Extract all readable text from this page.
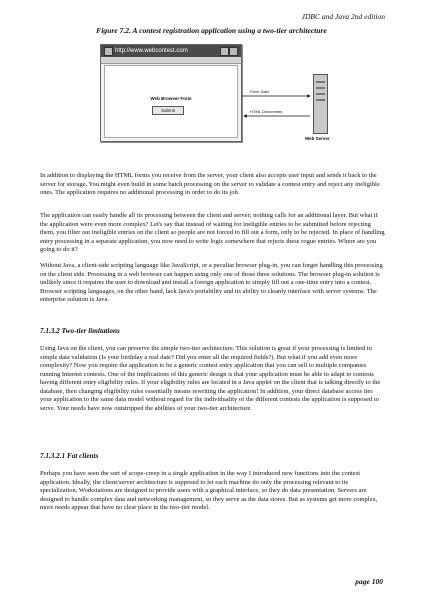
JDBC and Java 2nd edition
Figure 7.2. A contest registration application using a two-tier architecture
http://www.webcontest.com
Web Browser Form
Submit
Form Data
HTML Documents
Web Server

In addition to displaying the HTML forms you receive from the server, your client also accepts user input and sends it back to the server for storage. You might even build in some batch processing on the server to validate a contest entry and reject any ineligible ones. The application requires no additional processing in order to do its job.

The application can easily handle all its processing between the client and server; nothing calls for an additional layer. But what if the application were even more complex? Let's say that instead of waiting for ineligible entries to be submitted before rejecting them, you filter out ineligible entries on the client so people are not forced to fill out a form, only to be rejected. In place of handling entry processing in a separate application, you now need to write logic somewhere that rejects these rogue entries. Where are you going to do it?

Without Java, a client-side scripting language like JavaScript, or a peculiar browser plug-in, you can forget handling this processing on the client side. Processing in a web browser can happen using only one of those three solutions. The browser plug-in solution is unlikely since it requires the user to download and install a foreign application to simply fill out a one-time entry into a contest. Browser scripting languages, on the other hand, lack Java's portability and its ability to cleanly interface with server systems. The enterprise solution is Java.

7.1.3.2 Two-tier limitations

Using Java on the client, you can preserve the simple two-tier architecture. This solution is great if your processing is limited to simple data validation (Is your birthday a real date? Did you enter all the required fields?). But what if you add even more complexity? Now you require the application to be a generic contest entry application that you can sell to multiple companies running Internet contests. One of the implications of this generic design is that your application must be able to adapt to contests having different entry eligibility rules. If your eligibility rules are located in a Java applet on the client that is talking directly to the database, then changing eligibility rules essentially means rewriting the application! In addition, your direct database access ties your application to the same data model without regard for the individuality of the different contests the application is supposed to serve. Your needs have now outstripped the abilities of your two-tier architecture.

7.1.3.2.1 Fat clients

Perhaps you have seen the sort of scope-creep in a single application in the way I introduced new functions into the contest application. Ideally, the client/server architecture is supposed to let each machine do only the processing relevant to its specialization. Workstations are designed to provide users with a graphical interface, so they do data presentation. Servers are designed to handle complex data and networking management, so they serve as the data stores. But as systems get more complex, more needs appear that have no clear place in the two-tier model.

page 100
